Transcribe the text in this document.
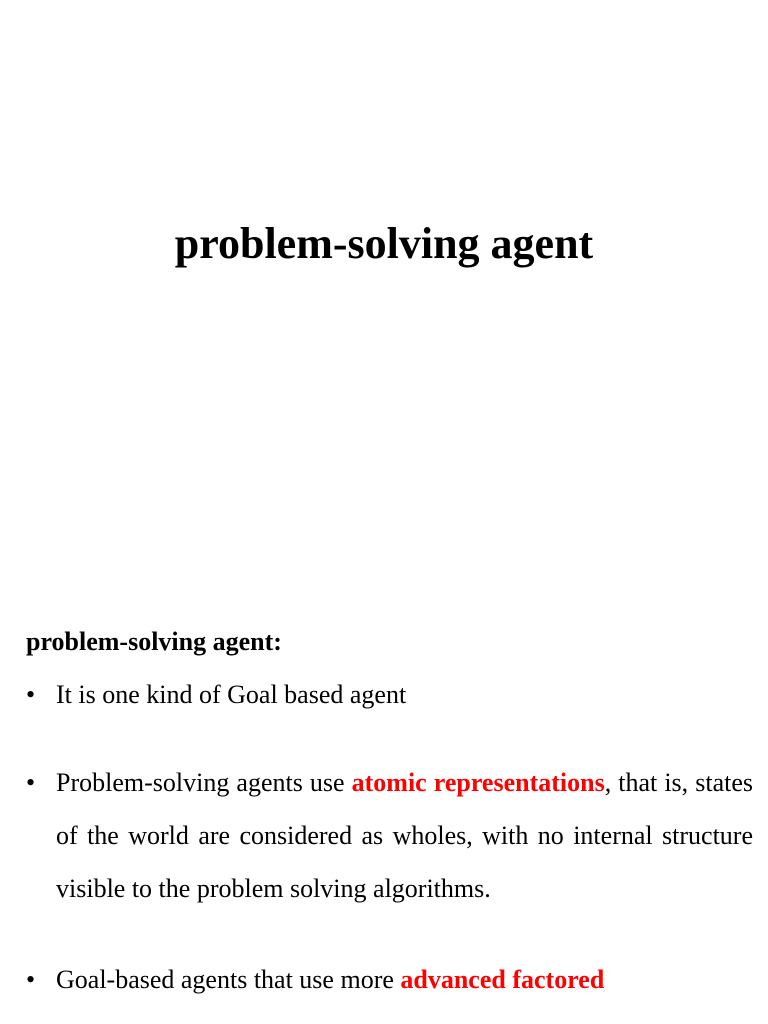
problem-solving agent
problem-solving agent:
• It is one kind of Goal based agent
• Problem-solving agents use atomic representations, that is, states of the world are considered as wholes, with no internal structure visible to the problem solving algorithms.
• Goal-based agents that use more advanced factored
